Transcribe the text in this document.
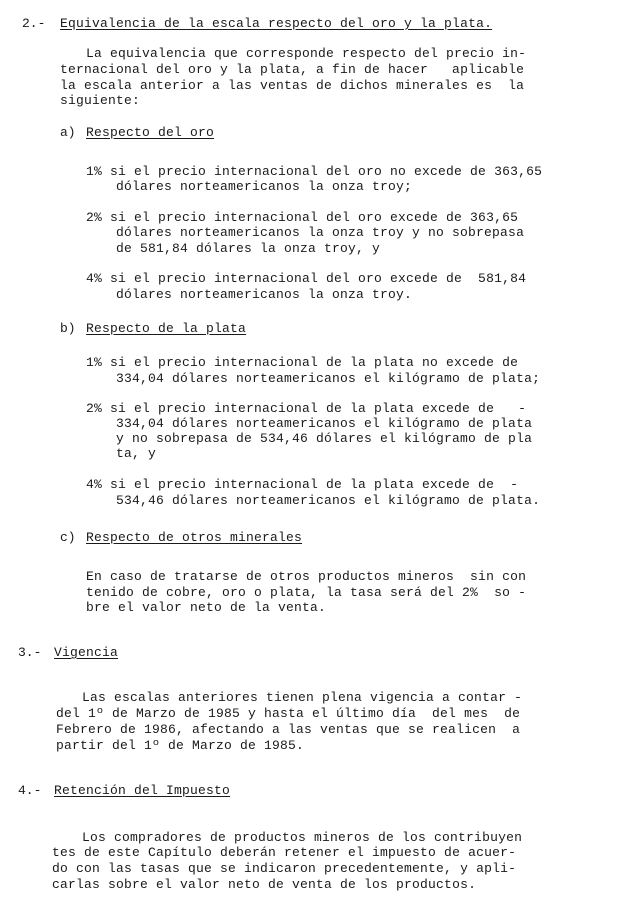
2.- Equivalencia de la escala respecto del oro y la plata.
La equivalencia que corresponde respecto del precio in-
ternacional del oro y la plata, a fin de hacer   aplicable
la escala anterior a las ventas de dichos minerales es  la
siguiente:
a) Respecto del oro
1% si el precio internacional del oro no excede de 363,65
dólares norteamericanos la onza troy;
2% si el precio internacional del oro excede de 363,65
dólares norteamericanos la onza troy y no sobrepasa
de 581,84 dólares la onza troy, y
4% si el precio internacional del oro excede de  581,84
dólares norteamericanos la onza troy.
b) Respecto de la plata
1% si el precio internacional de la plata no excede de
334,04 dólares norteamericanos el kilógramo de plata;
2% si el precio internacional de la plata excede de   -
334,04 dólares norteamericanos el kilógramo de plata
y no sobrepasa de 534,46 dólares el kilógramo de pla
ta, y
4% si el precio internacional de la plata excede de  -
534,46 dólares norteamericanos el kilógramo de plata.
c) Respecto de otros minerales
En caso de tratarse de otros productos mineros  sin con
tenido de cobre, oro o plata, la tasa será del 2%  so -
bre el valor neto de la venta.
3.- Vigencia
Las escalas anteriores tienen plena vigencia a contar -
del 1º de Marzo de 1985 y hasta el último día  del mes  de
Febrero de 1986, afectando a las ventas que se realicen  a
partir del 1º de Marzo de 1985.
4.- Retención del Impuesto
Los compradores de productos mineros de los contribuyen
tes de este Capítulo deberán retener el impuesto de acuer-
do con las tasas que se indicaron precedentemente, y apli-
carlas sobre el valor neto de venta de los productos.
